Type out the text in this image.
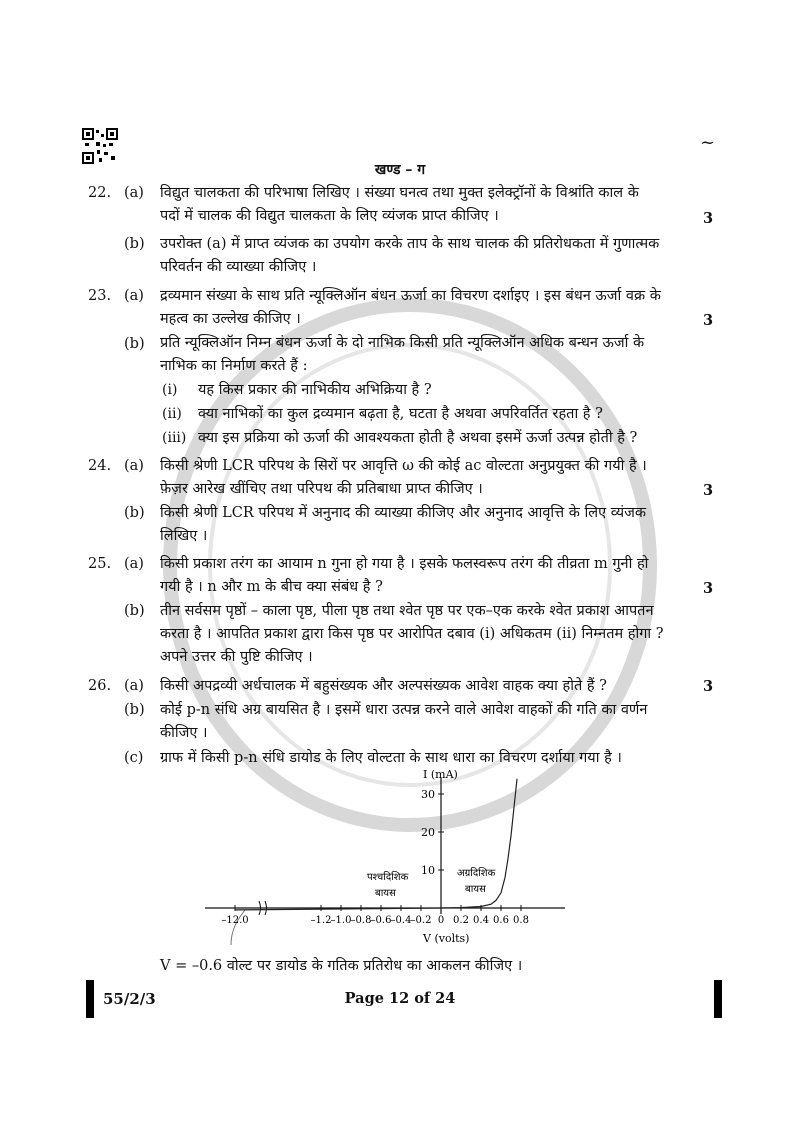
~
खण्ड – ग
22. (a) विद्युत चालकता की परिभाषा लिखिए । संख्या घनत्व तथा मुक्त इलेक्ट्रॉनों के विश्रांति काल के
पदों में चालक की विद्युत चालकता के लिए व्यंजक प्राप्त कीजिए ।	3
(b) उपरोक्त (a) में प्राप्त व्यंजक का उपयोग करके ताप के साथ चालक की प्रतिरोधकता में गुणात्मक
परिवर्तन की व्याख्या कीजिए ।
23. (a) द्रव्यमान संख्या के साथ प्रति न्यूक्लिऑन बंधन ऊर्जा का विचरण दर्शाइए । इस बंधन ऊर्जा वक्र के
महत्व का उल्लेख कीजिए ।	3
(b) प्रति न्यूक्लिऑन निम्न बंधन ऊर्जा के दो नाभिक किसी प्रति न्यूक्लिऑन अधिक बन्धन ऊर्जा के
नाभिक का निर्माण करते हैं :
(i) यह किस प्रकार की नाभिकीय अभिक्रिया है ?
(ii) क्या नाभिकों का कुल द्रव्यमान बढ़ता है, घटता है अथवा अपरिवर्तित रहता है ?
(iii) क्या इस प्रक्रिया को ऊर्जा की आवश्यकता होती है अथवा इसमें ऊर्जा उत्पन्न होती है ?
24. (a) किसी श्रेणी LCR परिपथ के सिरों पर आवृत्ति ω की कोई ac वोल्टता अनुप्रयुक्त की गयी है ।
फ़ेज़र आरेख खींचिए तथा परिपथ की प्रतिबाधा प्राप्त कीजिए ।	3
(b) किसी श्रेणी LCR परिपथ में अनुनाद की व्याख्या कीजिए और अनुनाद आवृत्ति के लिए व्यंजक
लिखिए ।
25. (a) किसी प्रकाश तरंग का आयाम n गुना हो गया है । इसके फलस्वरूप तरंग की तीव्रता m गुनी हो
गयी है । n और m के बीच क्या संबंध है ?	3
(b) तीन सर्वसम पृष्ठों – काला पृष्ठ, पीला पृष्ठ तथा श्वेत पृष्ठ पर एक–एक करके श्वेत प्रकाश आपतन
करता है । आपतित प्रकाश द्वारा किस पृष्ठ पर आरोपित दबाव (i) अधिकतम (ii) निम्नतम होगा ?
अपने उत्तर की पुष्टि कीजिए ।
26. (a) किसी अपद्रव्यी अर्धचालक में बहुसंख्यक और अल्पसंख्यक आवेश वाहक क्या होते हैं ?	3
(b) कोई p-n संधि अग्र बायसित है । इसमें धारा उत्पन्न करने वाले आवेश वाहकों की गति का वर्णन
कीजिए ।
(c) ग्राफ में किसी p-n संधि डायोड के लिए वोल्टता के साथ धारा का विचरण दर्शाया गया है ।
I (mA)
V (volts)
पश्चदिशिक
बायस
अग्रदिशिक
बायस
–12.0	–1.2 –1.0 –0.8 –0.6 –0.4 –0.2 0 0.2 0.4 0.6 0.8
10
20
30
V = –0.6 वोल्ट पर डायोड के गतिक प्रतिरोध का आकलन कीजिए ।
55/2/3	Page 12 of 24
